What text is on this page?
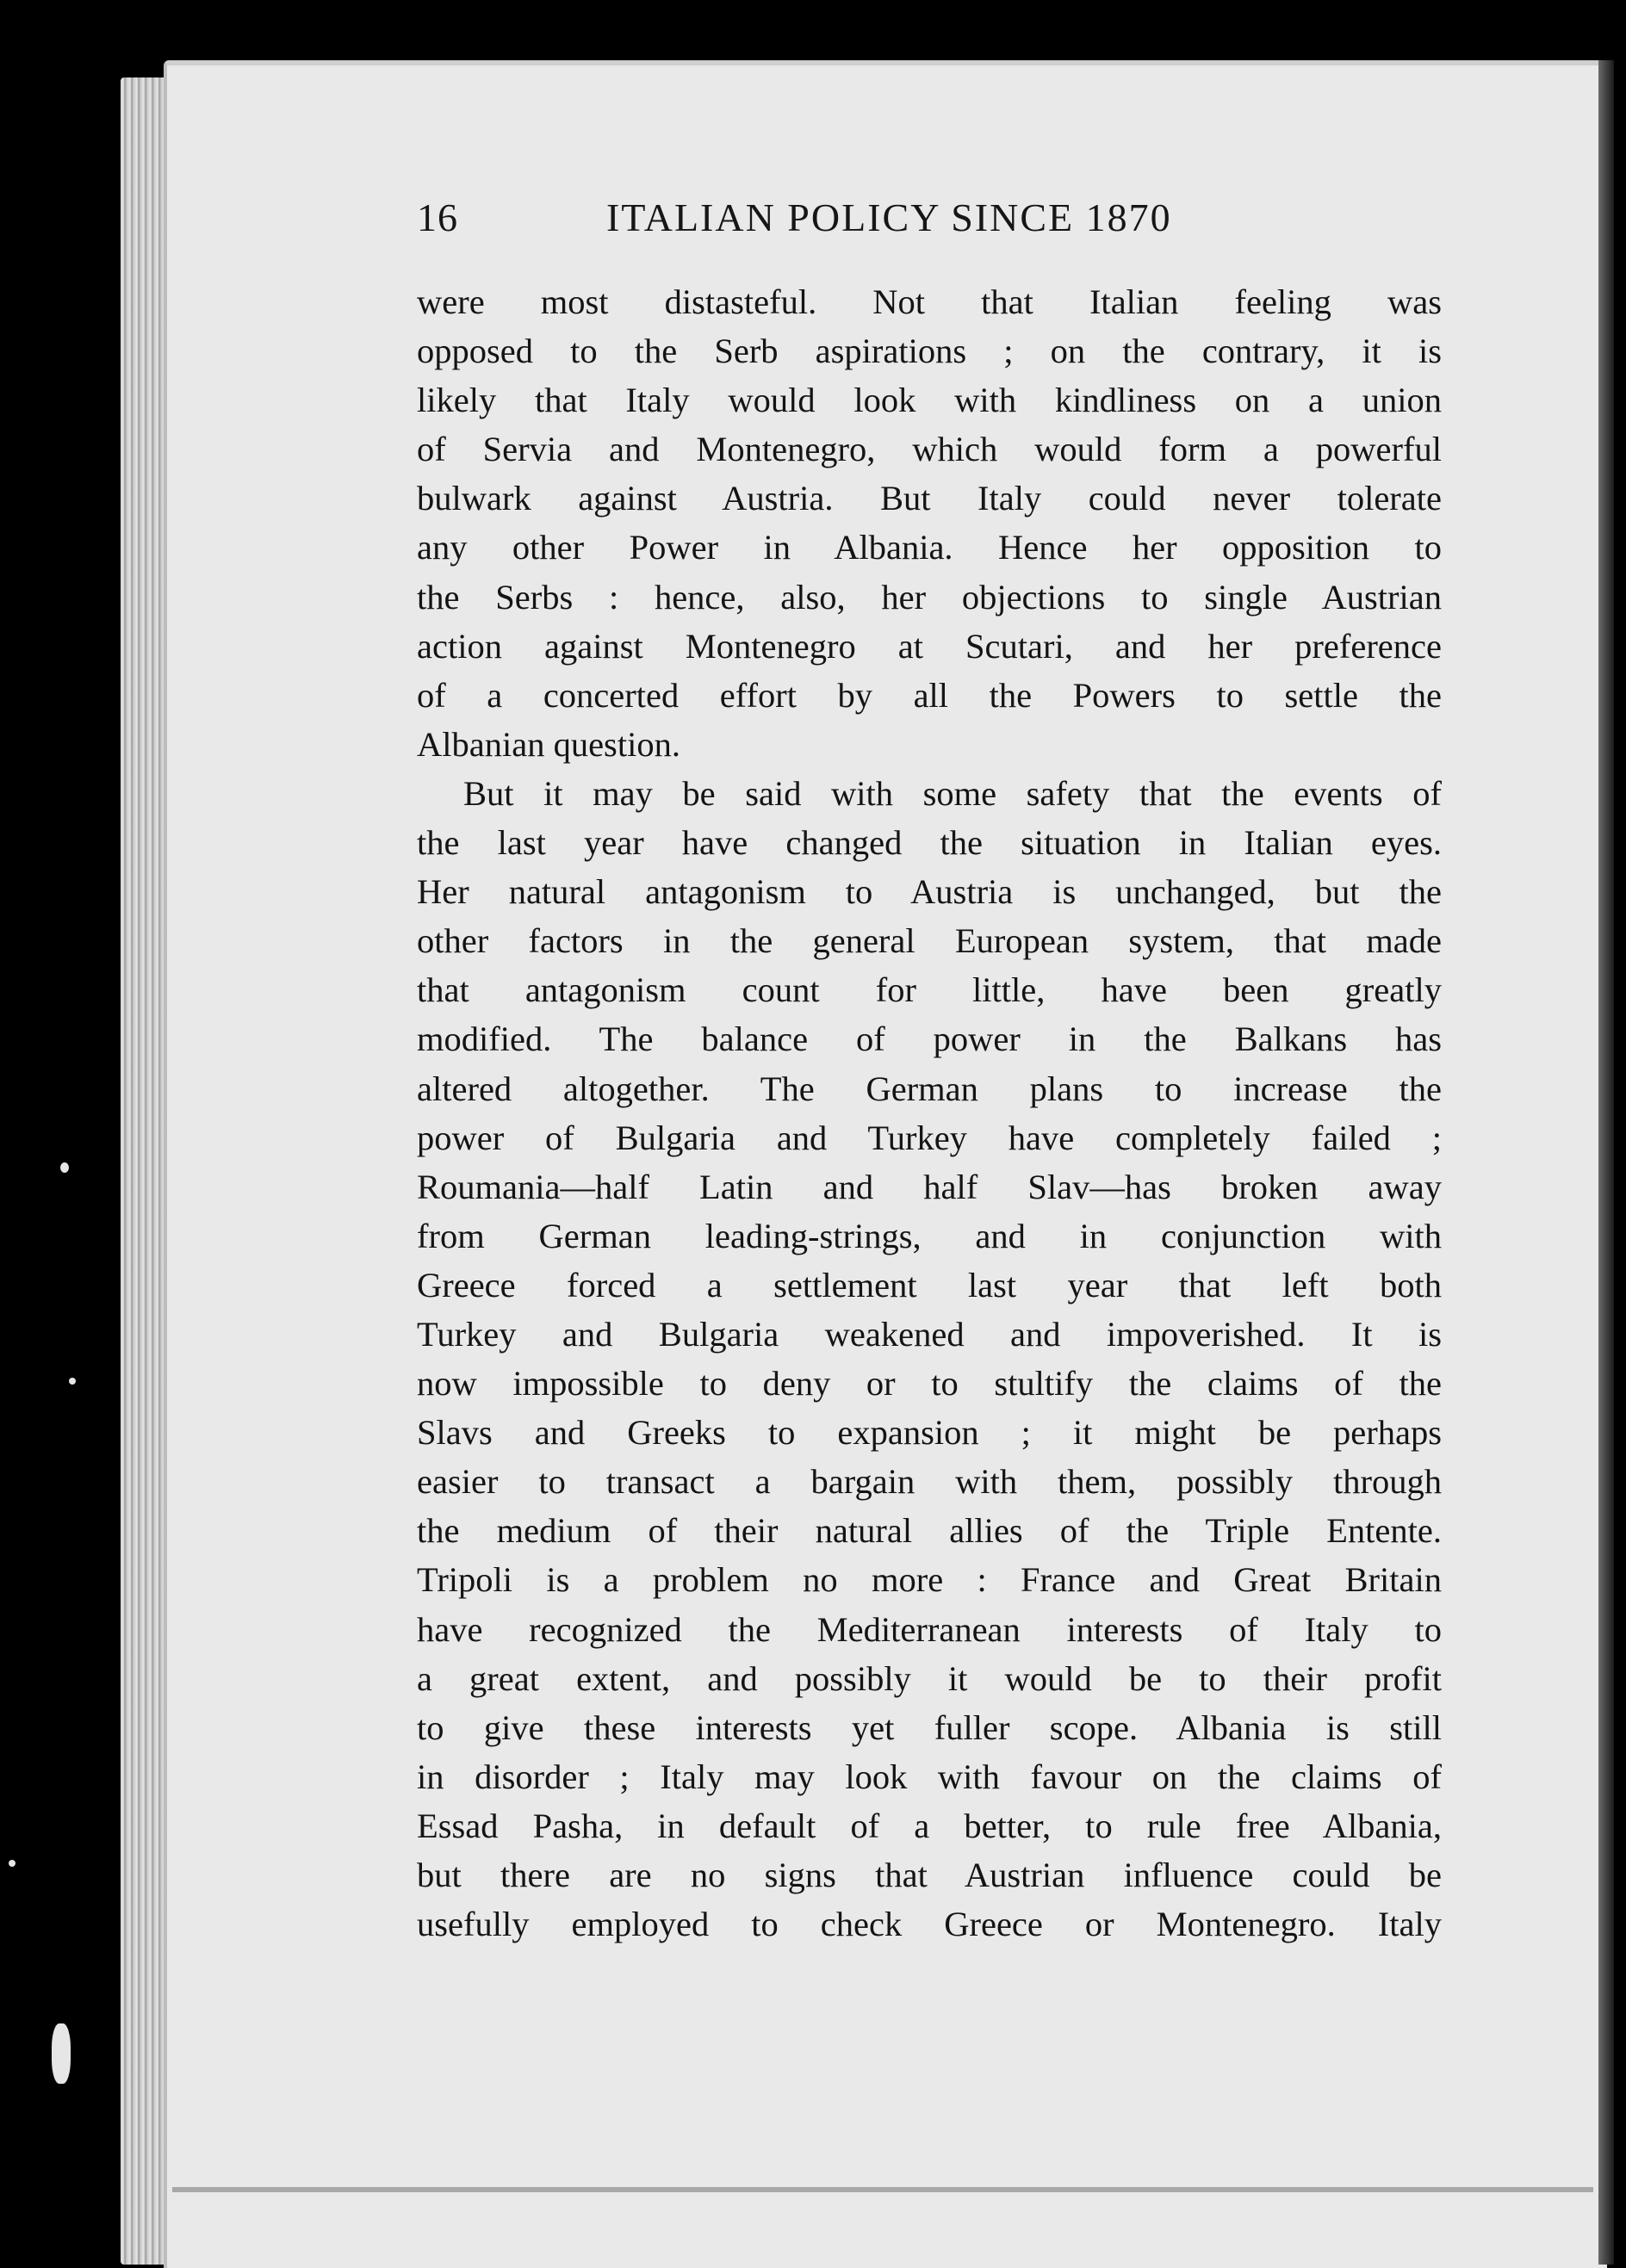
16	ITALIAN POLICY SINCE 1870
were most distasteful. Not that Italian feeling was
opposed to the Serb aspirations ; on the contrary, it is
likely that Italy would look with kindliness on a union
of Servia and Montenegro, which would form a powerful
bulwark against Austria. But Italy could never tolerate
any other Power in Albania. Hence her opposition to
the Serbs : hence, also, her objections to single Austrian
action against Montenegro at Scutari, and her preference
of a concerted effort by all the Powers to settle the
Albanian question.
But it may be said with some safety that the events of
the last year have changed the situation in Italian eyes.
Her natural antagonism to Austria is unchanged, but the
other factors in the general European system, that made
that antagonism count for little, have been greatly
modified. The balance of power in the Balkans has
altered altogether. The German plans to increase the
power of Bulgaria and Turkey have completely failed ;
Roumania—half Latin and half Slav—has broken away
from German leading-strings, and in conjunction with
Greece forced a settlement last year that left both
Turkey and Bulgaria weakened and impoverished. It is
now impossible to deny or to stultify the claims of the
Slavs and Greeks to expansion ; it might be perhaps
easier to transact a bargain with them, possibly through
the medium of their natural allies of the Triple Entente.
Tripoli is a problem no more : France and Great Britain
have recognized the Mediterranean interests of Italy to
a great extent, and possibly it would be to their profit
to give these interests yet fuller scope. Albania is still
in disorder ; Italy may look with favour on the claims of
Essad Pasha, in default of a better, to rule free Albania,
but there are no signs that Austrian influence could be
usefully employed to check Greece or Montenegro. Italy
